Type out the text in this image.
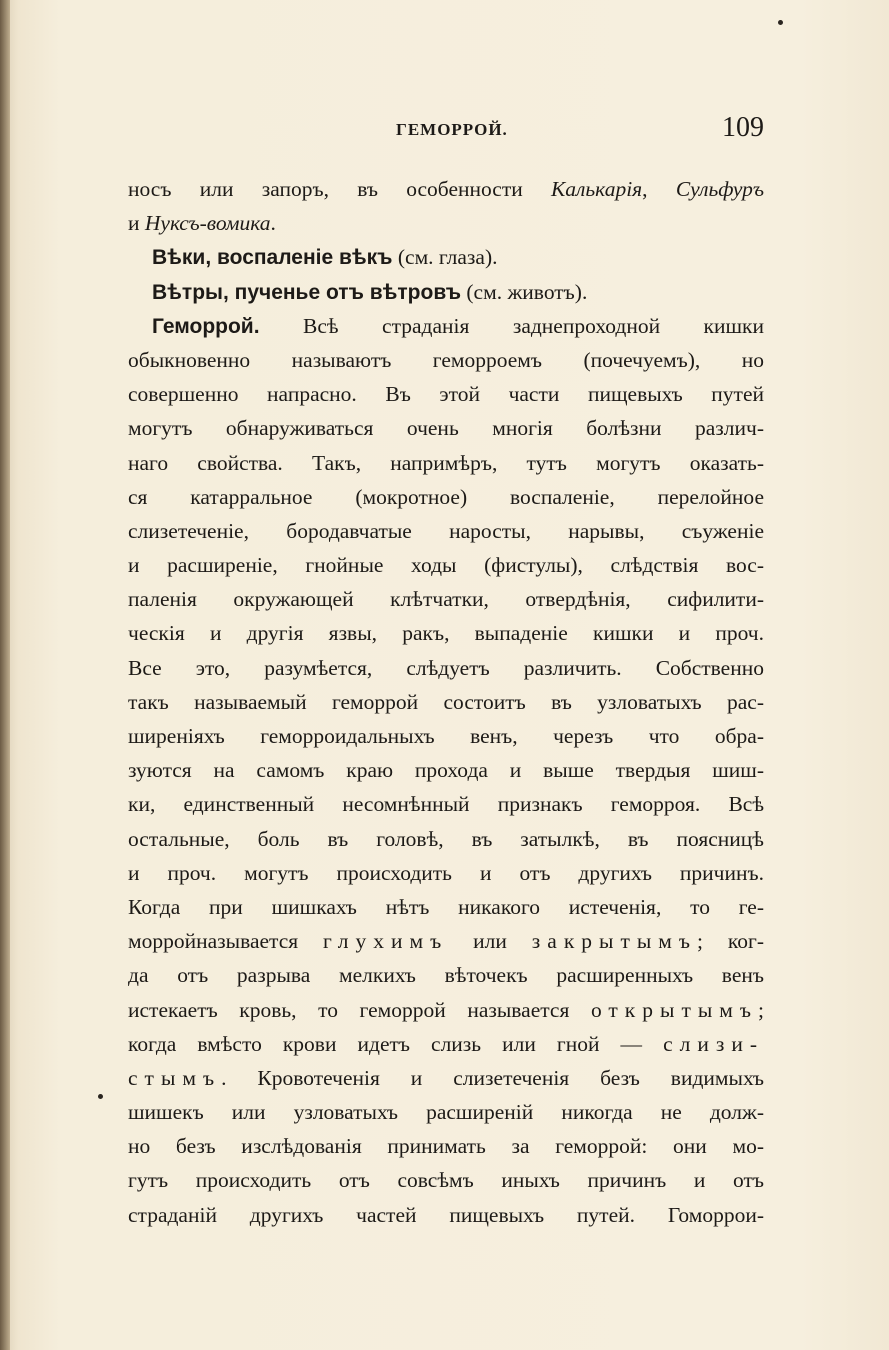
ГЕМОРРОЙ.	109
носъ или запоръ, въ особенности Калькарія, Сульфуръ
и Нуксъ-вомика.
Вѣки, воспаленіе вѣкъ (см. глаза).
Вѣтры, пученье отъ вѣтровъ (см. животъ).
Геморрой. Всѣ страданія заднепроходной кишки
обыкновенно называютъ геморроемъ (почечуемъ), но
совершенно напрасно. Въ этой части пищевыхъ путей
могутъ обнаруживаться очень многія болѣзни различ-
наго свойства. Такъ, напримѣръ, тутъ могутъ оказать-
ся катарральное (мокротное) воспаленіе, перелойное
слизетеченіе, бородавчатые наросты, нарывы, съуженіе
и расширеніе, гнойные ходы (фистулы), слѣдствія вос-
паленія окружающей клѣтчатки, отвердѣнія, сифилити-
ческія и другія язвы, ракъ, выпаденіе кишки и проч.
Все это, разумѣется, слѣдуетъ различить. Собственно
такъ называемый геморрой состоитъ въ узловатыхъ рас-
ширеніяхъ геморроидальныхъ венъ, черезъ что обра-
зуются на самомъ краю прохода и выше твердыя шиш-
ки, единственный несомнѣнный признакъ геморроя. Всѣ
остальные, боль въ головѣ, въ затылкѣ, въ поясницѣ
и проч. могутъ происходить и отъ другихъ причинъ.
Когда при шишкахъ нѣтъ никакого истеченія, то ге-
морройназывается глухимъ или закрытымъ; ког-
да отъ разрыва мелкихъ вѣточекъ расширенныхъ венъ
истекаетъ кровь, то геморрой называется открытымъ;
когда вмѣсто крови идетъ слизь или гной — слизи-
стымъ. Кровотеченія и слизетеченія безъ видимыхъ
шишекъ или узловатыхъ расширеній никогда не долж-
но безъ изслѣдованія принимать за геморрой: они мо-
гутъ происходить отъ совсѣмъ иныхъ причинъ и отъ
страданій другихъ частей пищевыхъ путей. Гоморрои-
